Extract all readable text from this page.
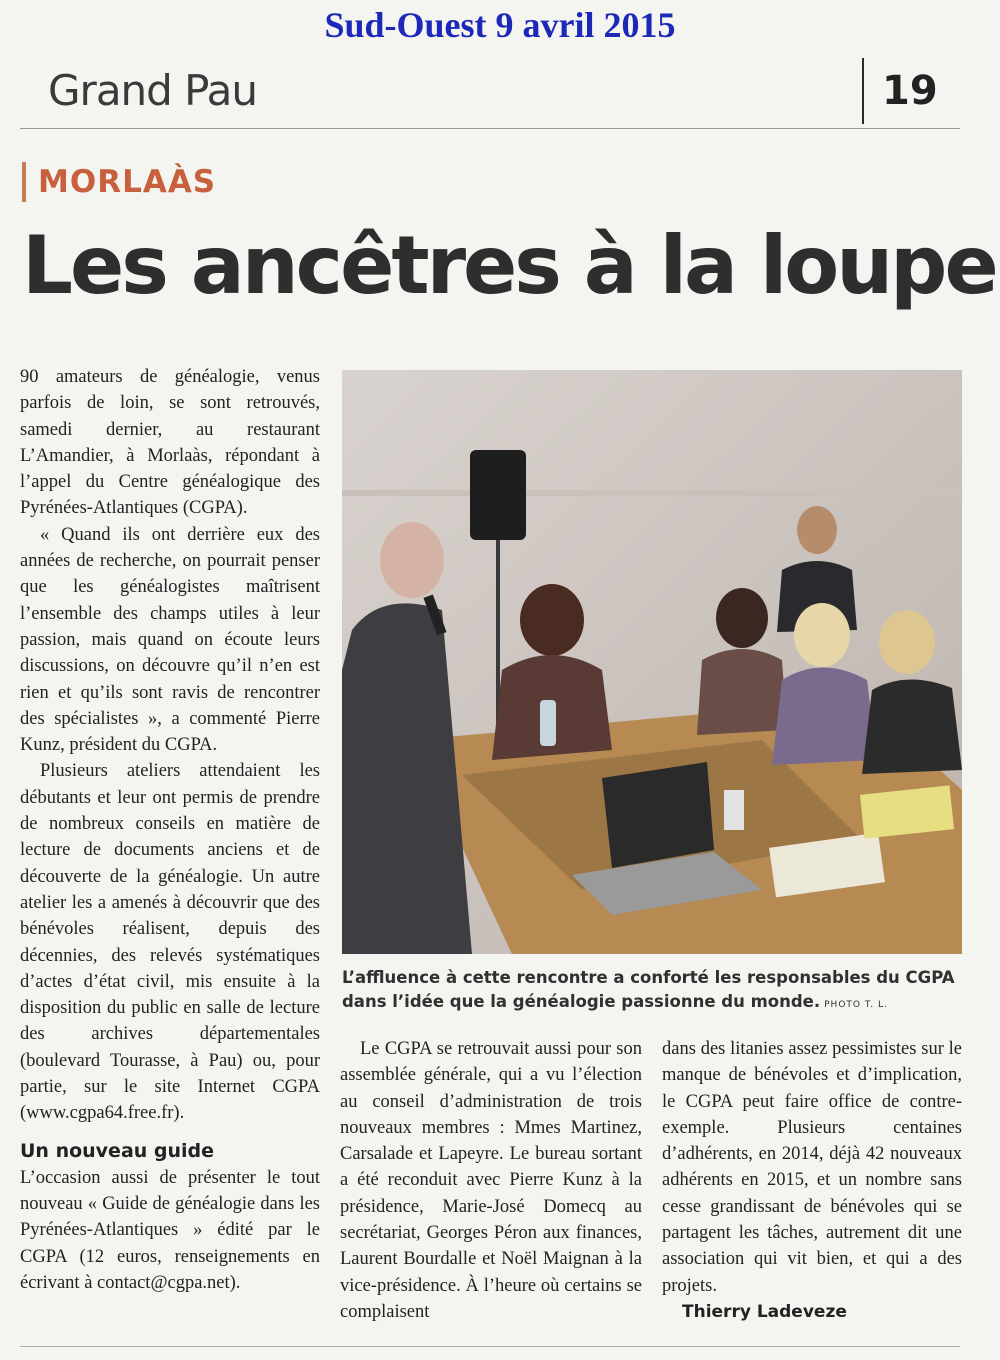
Sud-Ouest 9 avril 2015
Grand Pau	19
MORLAÀS
Les ancêtres à la loupe

90 amateurs de généalogie, venus parfois de loin, se sont retrouvés, samedi dernier, au restaurant L’Amandier, à Morlaàs, répondant à l’appel du Centre généalogique des Pyrénées-Atlantiques (CGPA).

« Quand ils ont derrière eux des années de recherche, on pourrait penser que les généalogistes maîtrisent l’ensemble des champs utiles à leur passion, mais quand on écoute leurs discussions, on découvre qu’il n’en est rien et qu’ils sont ravis de rencontrer des spécialistes », a commenté Pierre Kunz, président du CGPA.

Plusieurs ateliers attendaient les débutants et leur ont permis de prendre de nombreux conseils en matière de lecture de documents anciens et de découverte de la généalogie. Un autre atelier les a amenés à découvrir que des bénévoles réalisent, depuis des décennies, des relevés systématiques d’actes d’état civil, mis ensuite à la disposition du public en salle de lecture des archives départementales (boulevard Tourasse, à Pau) ou, pour partie, sur le site Internet CGPA (www.cgpa64.free.fr).

Un nouveau guide

L’occasion aussi de présenter le tout nouveau « Guide de généalogie dans les Pyrénées-Atlantiques » édité par le CGPA (12 euros, renseignements en écrivant à contact@cgpa.net).

L’affluence à cette rencontre a conforté les responsables du CGPA dans l’idée que la généalogie passionne du monde. PHOTO T. L.

Le CGPA se retrouvait aussi pour son assemblée générale, qui a vu l’élection au conseil d’administration de trois nouveaux membres : Mmes Martinez, Carsalade et Lapeyre. Le bureau sortant a été reconduit avec Pierre Kunz à la présidence, Marie-José Domecq au secrétariat, Georges Péron aux finances, Laurent Bourdalle et Noël Maignan à la vice-présidence. À l’heure où certains se complaisent

dans des litanies assez pessimistes sur le manque de bénévoles et d’implication, le CGPA peut faire office de contre-exemple. Plusieurs centaines d’adhérents, en 2014, déjà 42 nouveaux adhérents en 2015, et un nombre sans cesse grandissant de bénévoles qui se partagent les tâches, autrement dit une association qui vit bien, et qui a des projets.

Thierry Ladeveze
